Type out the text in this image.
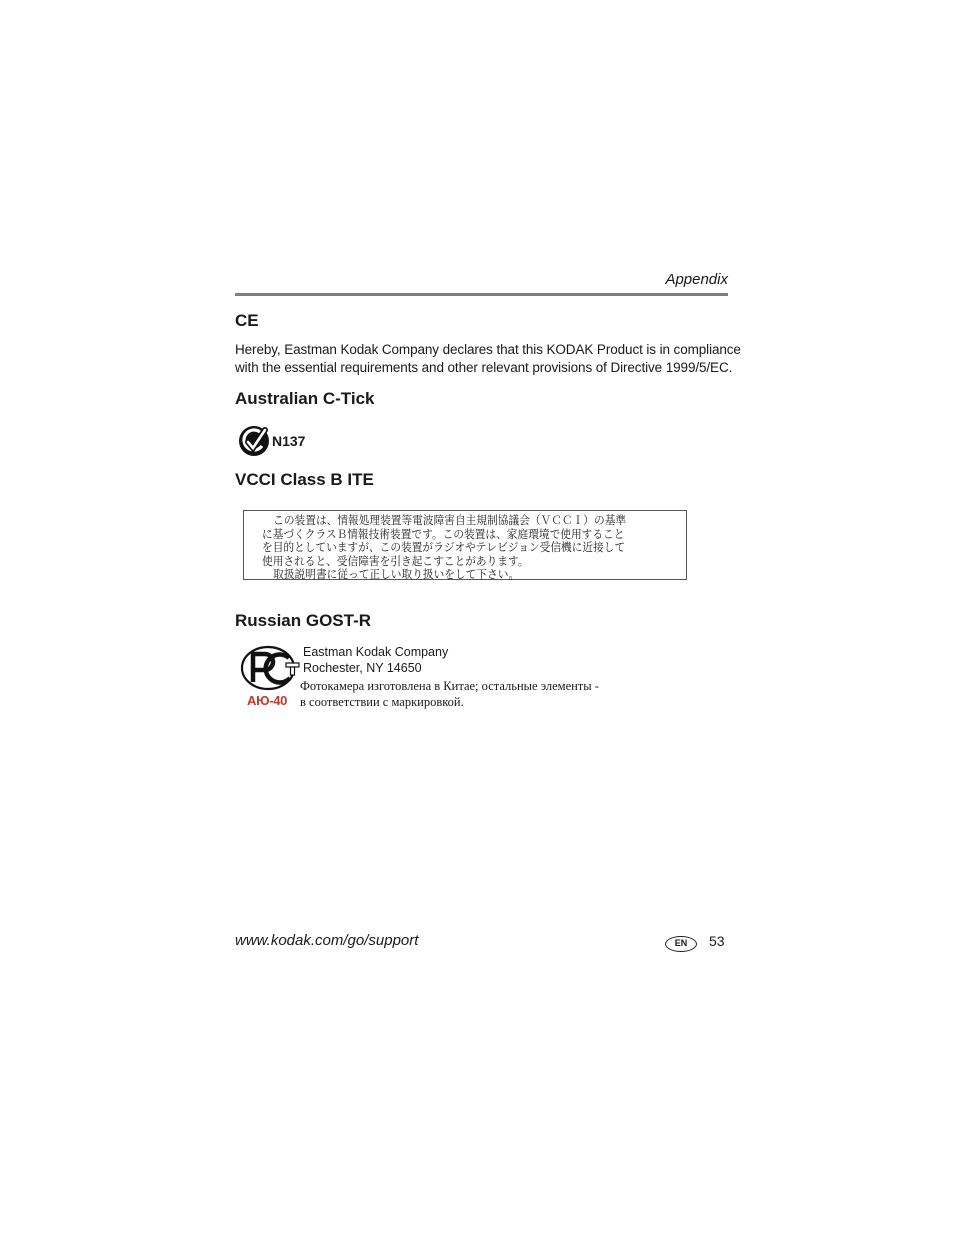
Appendix
CE
Hereby, Eastman Kodak Company declares that this KODAK Product is in compliance
with the essential requirements and other relevant provisions of Directive 1999/5/EC.
Australian C-Tick
N137
VCCI Class B ITE
この装置は、情報処理装置等電波障害自主規制協議会（ＶＣＣＩ）の基準
に基づくクラスＢ情報技術装置です。この装置は、家庭環境で使用すること
を目的としていますが、この装置がラジオやテレビジョン受信機に近接して
使用されると、受信障害を引き起こすことがあります。
取扱説明書に従って正しい取り扱いをして下さい。
Russian GOST-R
АЮ-40
Eastman Kodak Company
Rochester, NY 14650
Фотокамера изготовлена в Китае; остальные элементы -
в соответствии с маркировкой.
www.kodak.com/go/support	EN	53
